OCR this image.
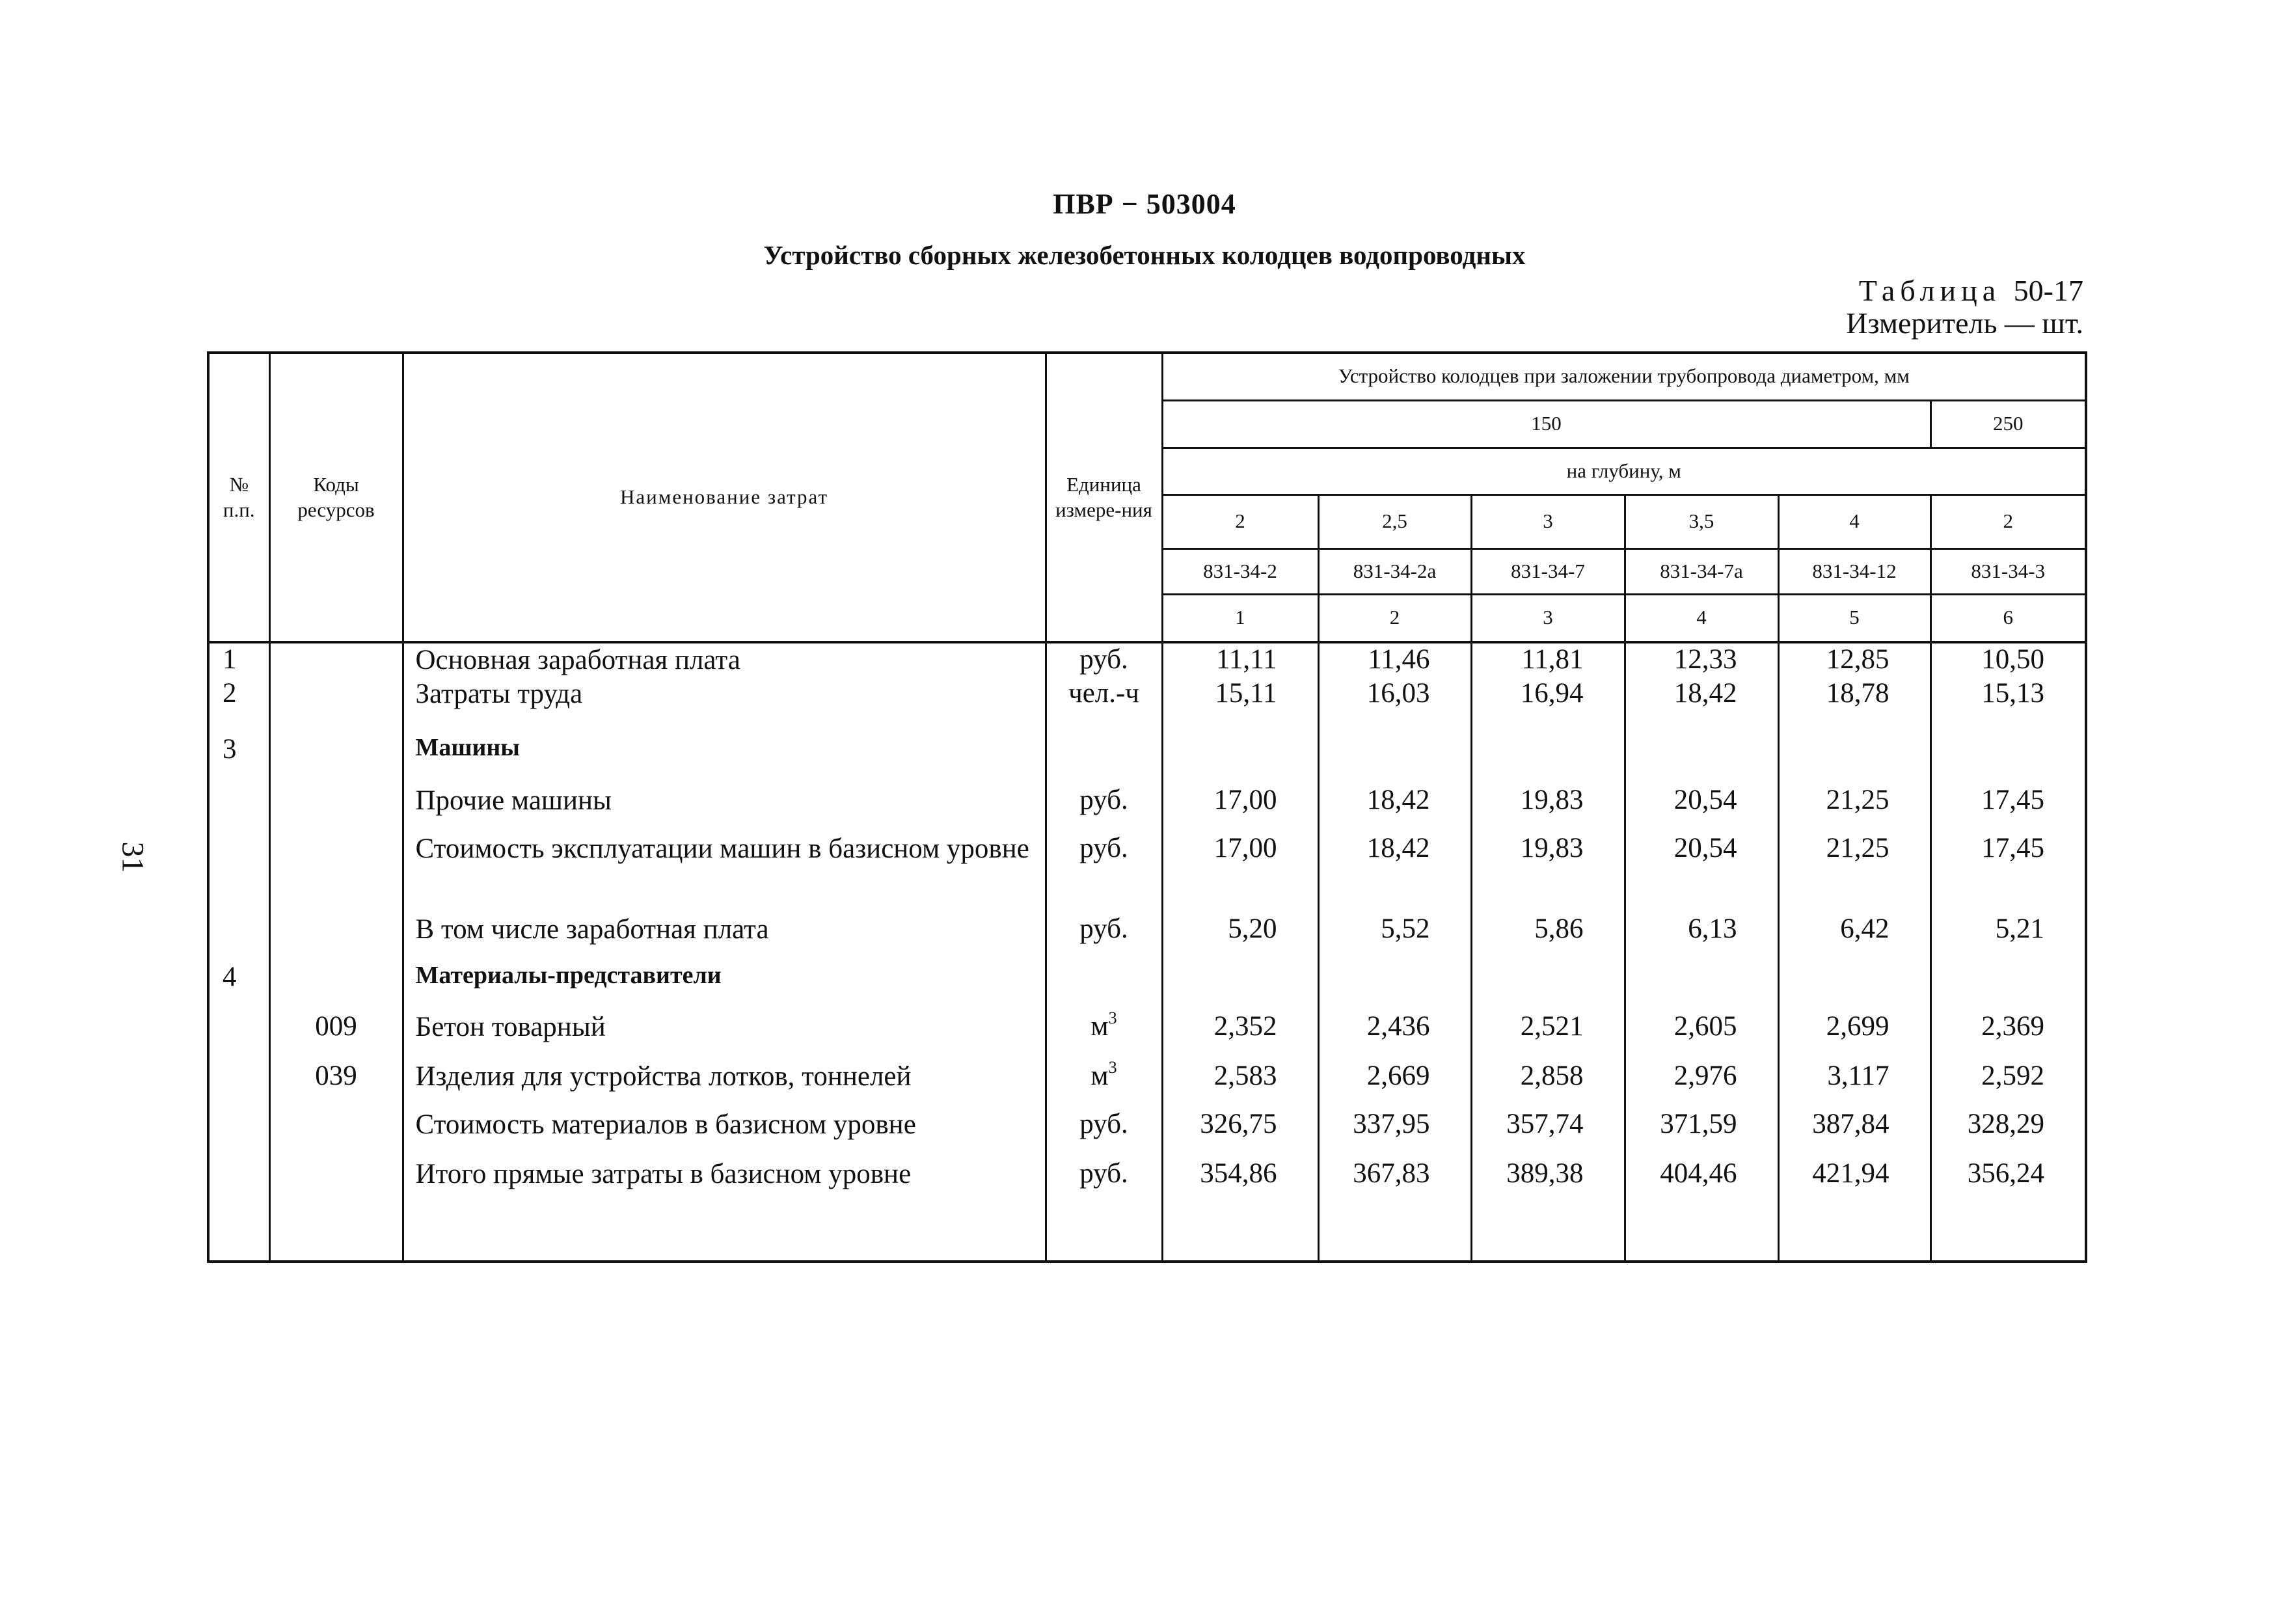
ПВР − 503004
Устройство сборных железобетонных колодцев водопроводных
Таблица 50-17
Измеритель — шт.
31
№ п.п.	Коды ресурсов	Наименование затрат	Единица измере-ния	Устройство колодцев при заложении трубопровода диаметром, мм					
				150					250
				на глубину, м					
				2	2,5	3	3,5	4	2
				831-34-2	831-34-2а	831-34-7	831-34-7а	831-34-12	831-34-3
				1	2	3	4	5	6
1		Основная заработная плата	руб.	11,11	11,46	11,81	12,33	12,85	10,50
2		Затраты труда	чел.-ч	15,11	16,03	16,94	18,42	18,78	15,13
3		Машины							
		Прочие машины	руб.	17,00	18,42	19,83	20,54	21,25	17,45
		Стоимость эксплуатации машин в базисном уровне	руб.	17,00	18,42	19,83	20,54	21,25	17,45
		В том числе заработная плата	руб.	5,20	5,52	5,86	6,13	6,42	5,21
4		Материалы-представители							
	009	Бетон товарный	$м^3$	2,352	2,436	2,521	2,605	2,699	2,369
	039	Изделия для устройства лотков, тоннелей	$м^3$	2,583	2,669	2,858	2,976	3,117	2,592
		Стоимость материалов в базисном уровне	руб.	326,75	337,95	357,74	371,59	387,84	328,29
		Итого прямые затраты в базисном уровне	руб.	354,86	367,83	389,38	404,46	421,94	356,24
